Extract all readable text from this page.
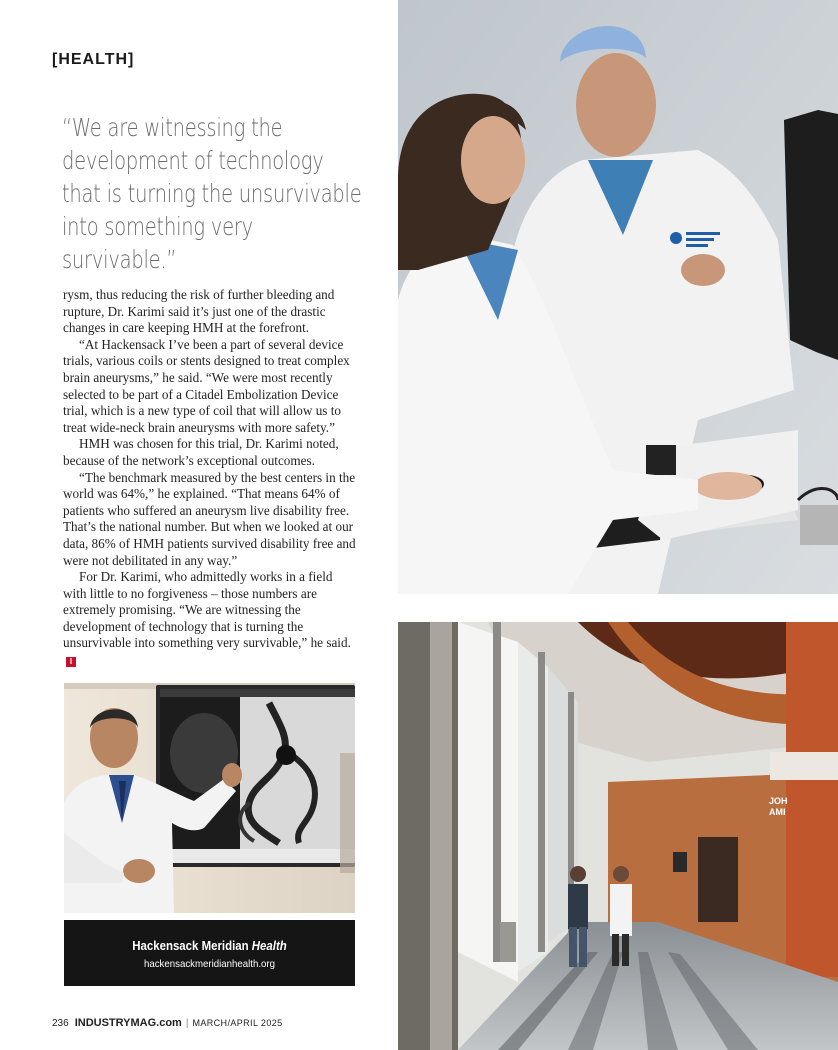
[HEALTH]
“We are witnessing the development of technology that is turning the unsurvivable into something very survivable.”

rysm, thus reducing the risk of further bleeding and rupture, Dr. Karimi said it’s just one of the drastic changes in care keeping HMH at the forefront.

“At Hackensack I’ve been a part of several device trials, various coils or stents designed to treat complex brain aneurysms,” he said. “We were most recently selected to be part of a Citadel Embolization Device trial, which is a new type of coil that will allow us to treat wide-neck brain aneurysms with more safety.”

HMH was chosen for this trial, Dr. Karimi noted, because of the network’s exceptional outcomes.

“The benchmark measured by the best centers in the world was 64%,” he explained. “That means 64% of patients who suffered an aneurysm live disability free. That’s the national number. But when we looked at our data, 86% of HMH patients survived disability free and were not debilitated in any way.”

For Dr. Karimi, who admittedly works in a field with little to no forgiveness – those numbers are extremely promising. “We are witnessing the development of technology that is turning the unsurvivable into something very survivable,” he said.I

Hackensack Meridian Health
hackensackmeridianhealth.org
236 INDUSTRYMAG.com | MARCH/APRIL 2025
JOH
AMI
